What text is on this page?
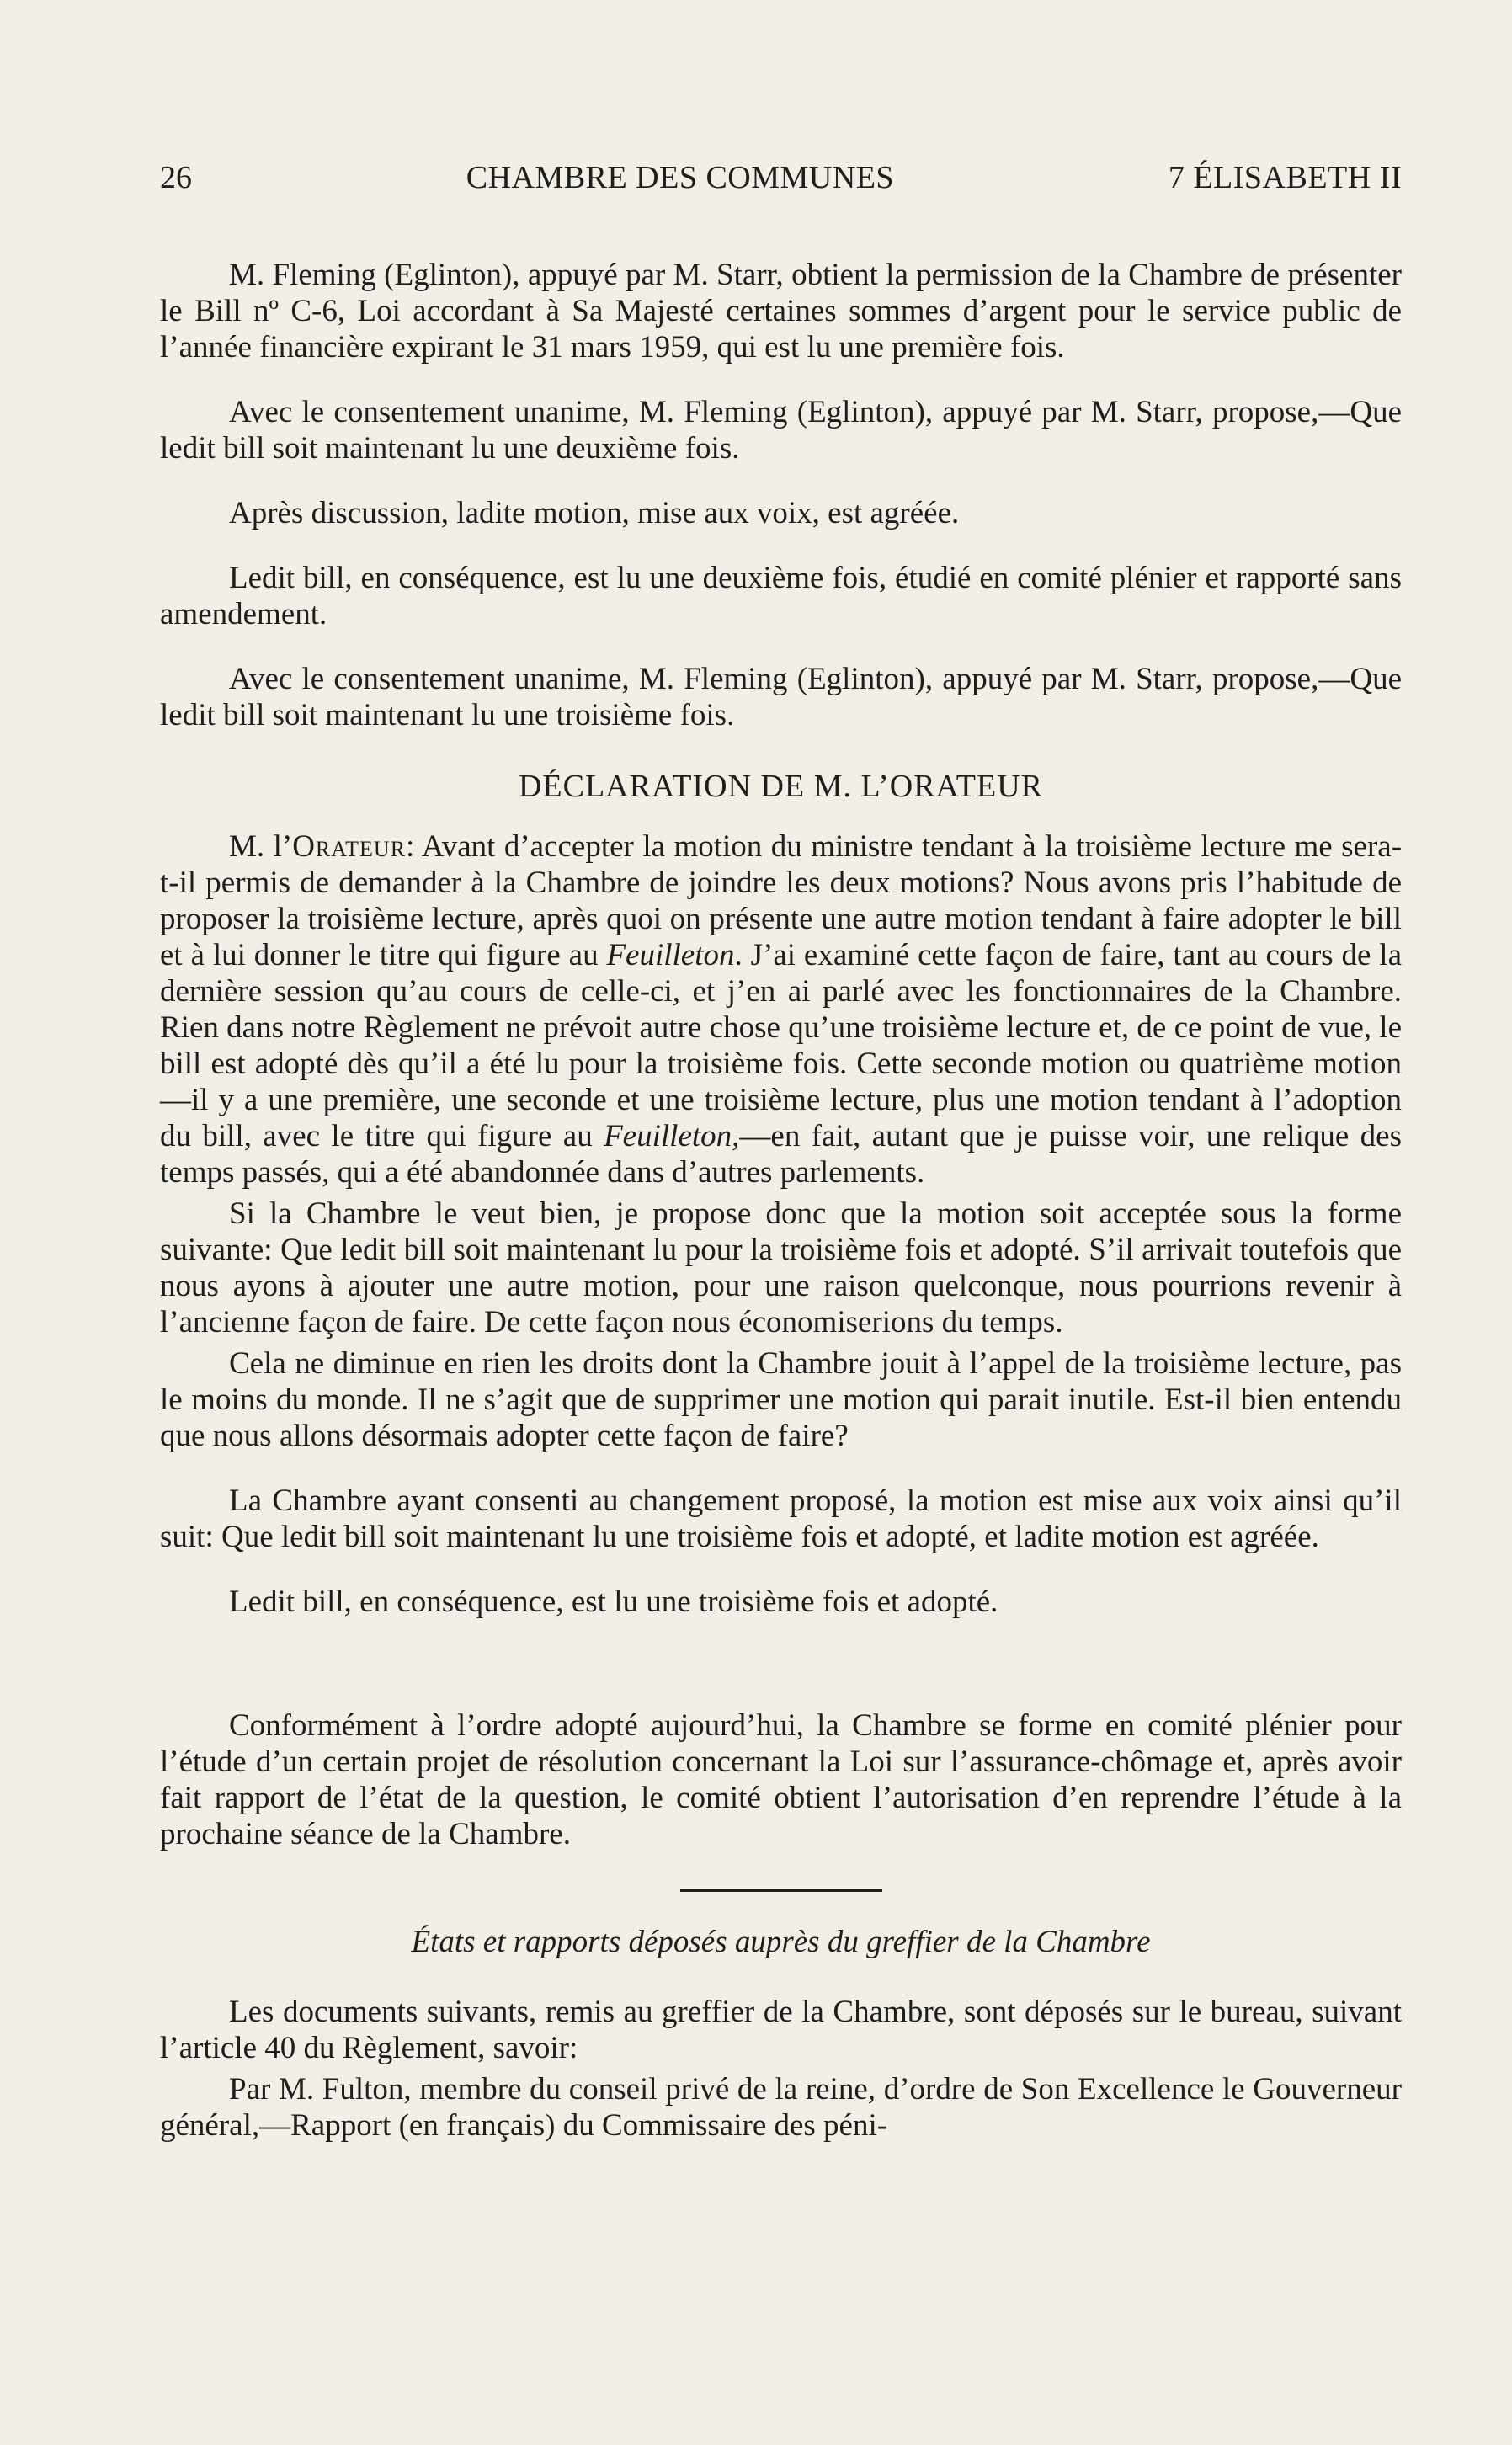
26	CHAMBRE DES COMMUNES	7 ÉLISABETH II

M. Fleming (Eglinton), appuyé par M. Starr, obtient la permission de la Chambre de présenter le Bill nº C-6, Loi accordant à Sa Majesté certaines sommes d’argent pour le service public de l’année financière expirant le 31 mars 1959, qui est lu une première fois.

Avec le consentement unanime, M. Fleming (Eglinton), appuyé par M. Starr, propose,—Que ledit bill soit maintenant lu une deuxième fois.

Après discussion, ladite motion, mise aux voix, est agréée.

Ledit bill, en conséquence, est lu une deuxième fois, étudié en comité plénier et rapporté sans amendement.

Avec le consentement unanime, M. Fleming (Eglinton), appuyé par M. Starr, propose,—Que ledit bill soit maintenant lu une troisième fois.

DÉCLARATION DE M. L’ORATEUR

M. l’Orateur: Avant d’accepter la motion du ministre tendant à la troisième lecture me sera-t-il permis de demander à la Chambre de joindre les deux motions? Nous avons pris l’habitude de proposer la troisième lecture, après quoi on présente une autre motion tendant à faire adopter le bill et à lui donner le titre qui figure au Feuilleton. J’ai examiné cette façon de faire, tant au cours de la dernière session qu’au cours de celle-ci, et j’en ai parlé avec les fonctionnaires de la Chambre. Rien dans notre Règlement ne prévoit autre chose qu’une troisième lecture et, de ce point de vue, le bill est adopté dès qu’il a été lu pour la troisième fois. Cette seconde motion ou quatrième motion—il y a une première, une seconde et une troisième lecture, plus une motion tendant à l’adoption du bill, avec le titre qui figure au Feuilleton,—en fait, autant que je puisse voir, une relique des temps passés, qui a été abandonnée dans d’autres parlements.

Si la Chambre le veut bien, je propose donc que la motion soit acceptée sous la forme suivante: Que ledit bill soit maintenant lu pour la troisième fois et adopté. S’il arrivait toutefois que nous ayons à ajouter une autre motion, pour une raison quelconque, nous pourrions revenir à l’ancienne façon de faire. De cette façon nous économiserions du temps.

Cela ne diminue en rien les droits dont la Chambre jouit à l’appel de la troisième lecture, pas le moins du monde. Il ne s’agit que de supprimer une motion qui parait inutile. Est-il bien entendu que nous allons désormais adopter cette façon de faire?

La Chambre ayant consenti au changement proposé, la motion est mise aux voix ainsi qu’il suit: Que ledit bill soit maintenant lu une troisième fois et adopté, et ladite motion est agréée.

Ledit bill, en conséquence, est lu une troisième fois et adopté.

Conformément à l’ordre adopté aujourd’hui, la Chambre se forme en comité plénier pour l’étude d’un certain projet de résolution concernant la Loi sur l’assurance-chômage et, après avoir fait rapport de l’état de la question, le comité obtient l’autorisation d’en reprendre l’étude à la prochaine séance de la Chambre.

États et rapports déposés auprès du greffier de la Chambre

Les documents suivants, remis au greffier de la Chambre, sont déposés sur le bureau, suivant l’article 40 du Règlement, savoir:

Par M. Fulton, membre du conseil privé de la reine, d’ordre de Son Excellence le Gouverneur général,—Rapport (en français) du Commissaire des péni-
